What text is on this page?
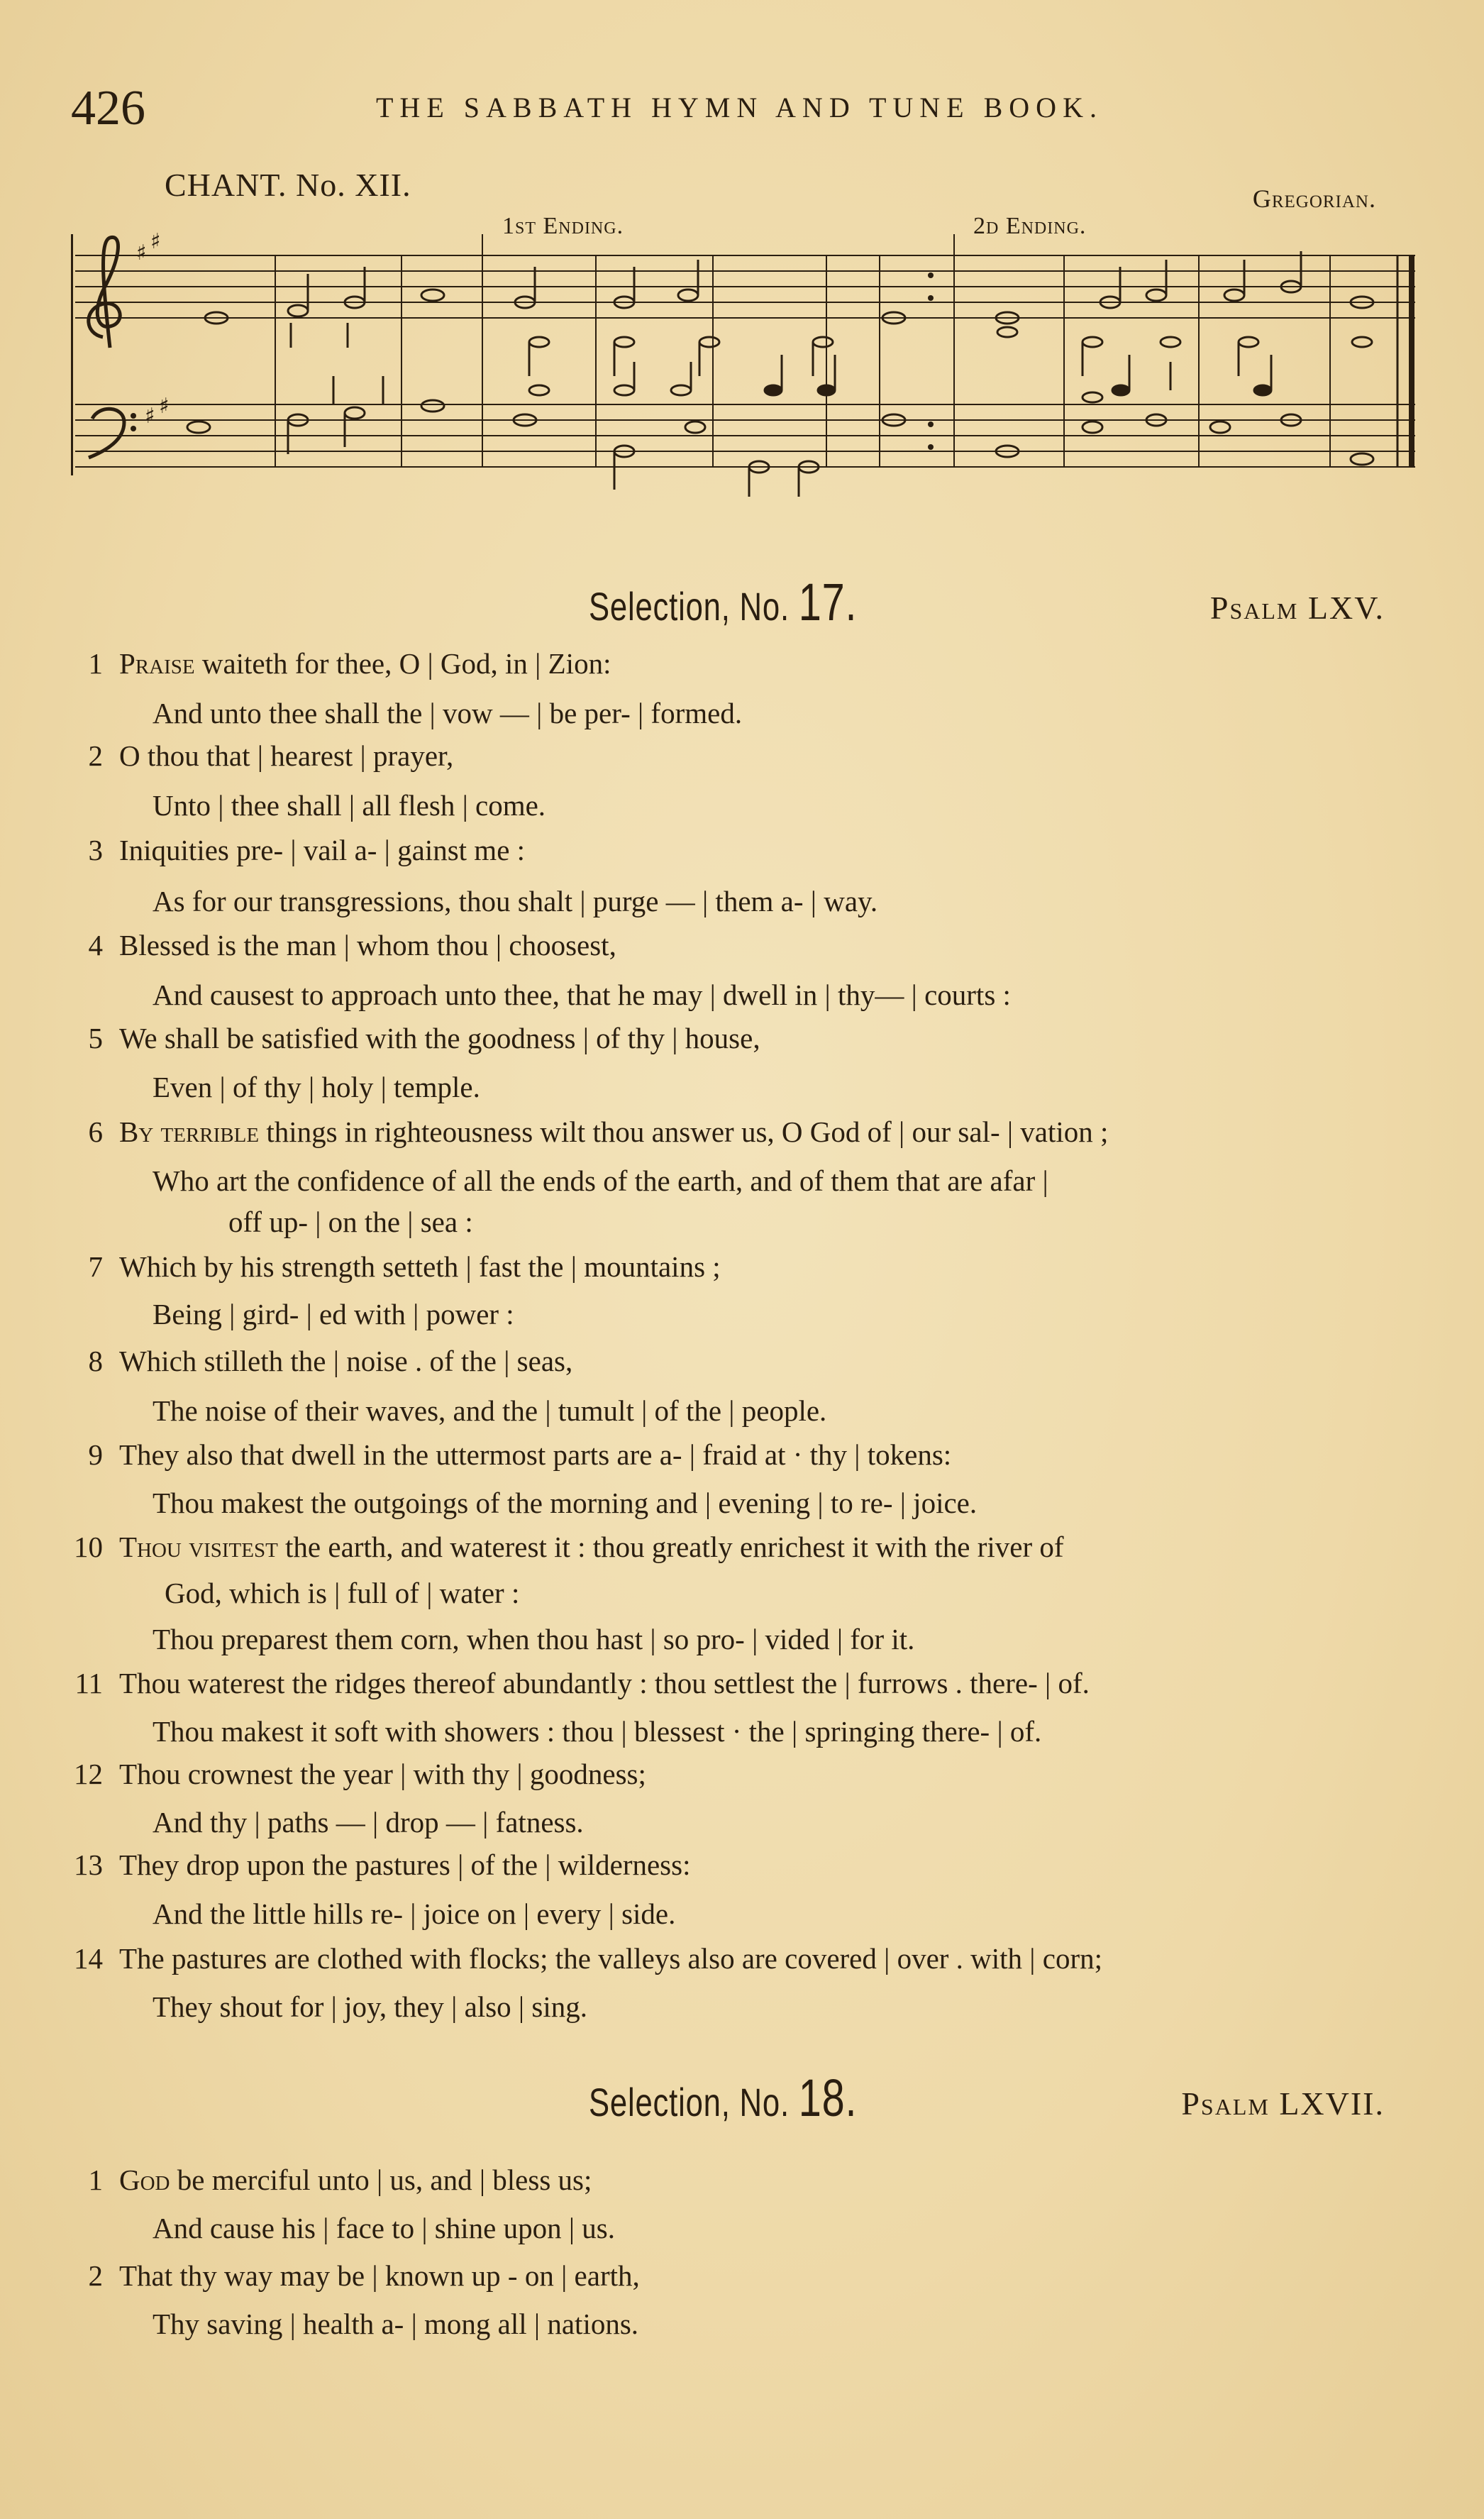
426	THE SABBATH HYMN AND TUNE BOOK.
CHANT. No. XII.	Gregorian.
1st Ending.	2d Ending.
♯ ♯
♯ ♯
Selection, No. 17.	Psalm LXV.
1 Praise waiteth for thee, O | God, in | Zion:
And unto thee shall the | vow — | be per- | formed.
2 O thou that | hearest | prayer,
Unto | thee shall | all flesh | come.
3 Iniquities pre- | vail a- | gainst me :
As for our transgressions, thou shalt | purge — | them a- | way.
4 Blessed is the man | whom thou | choosest,
And causest to approach unto thee, that he may | dwell in | thy— | courts :
5 We shall be satisfied with the goodness | of thy | house,
Even | of thy | holy | temple.
6 By terrible things in righteousness wilt thou answer us, O God of | our sal- | vation ;
Who art the confidence of all the ends of the earth, and of them that are afar |
off up- | on the | sea :
7 Which by his strength setteth | fast the | mountains ;
Being | gird- | ed with | power :
8 Which stilleth the | noise . of the | seas,
The noise of their waves, and the | tumult | of the | people.
9 They also that dwell in the uttermost parts are a- | fraid at · thy | tokens:
Thou makest the outgoings of the morning and | evening | to re- | joice.
10 Thou visitest the earth, and waterest it : thou greatly enrichest it with the river of
God, which is | full of | water :
Thou preparest them corn, when thou hast | so pro- | vided | for it.
11 Thou waterest the ridges thereof abundantly : thou settlest the | furrows . there- | of.
Thou makest it soft with showers : thou | blessest · the | springing there- | of.
12 Thou crownest the year | with thy | goodness;
And thy | paths — | drop — | fatness.
13 They drop upon the pastures | of the | wilderness:
And the little hills re- | joice on | every | side.
14 The pastures are clothed with flocks; the valleys also are covered | over . with | corn;
They shout for | joy, they | also | sing.
Selection, No. 18.	Psalm LXVII.
1 God be merciful unto | us, and | bless us;
And cause his | face to | shine upon | us.
2 That thy way may be | known up - on | earth,
Thy saving | health a- | mong all | nations.
